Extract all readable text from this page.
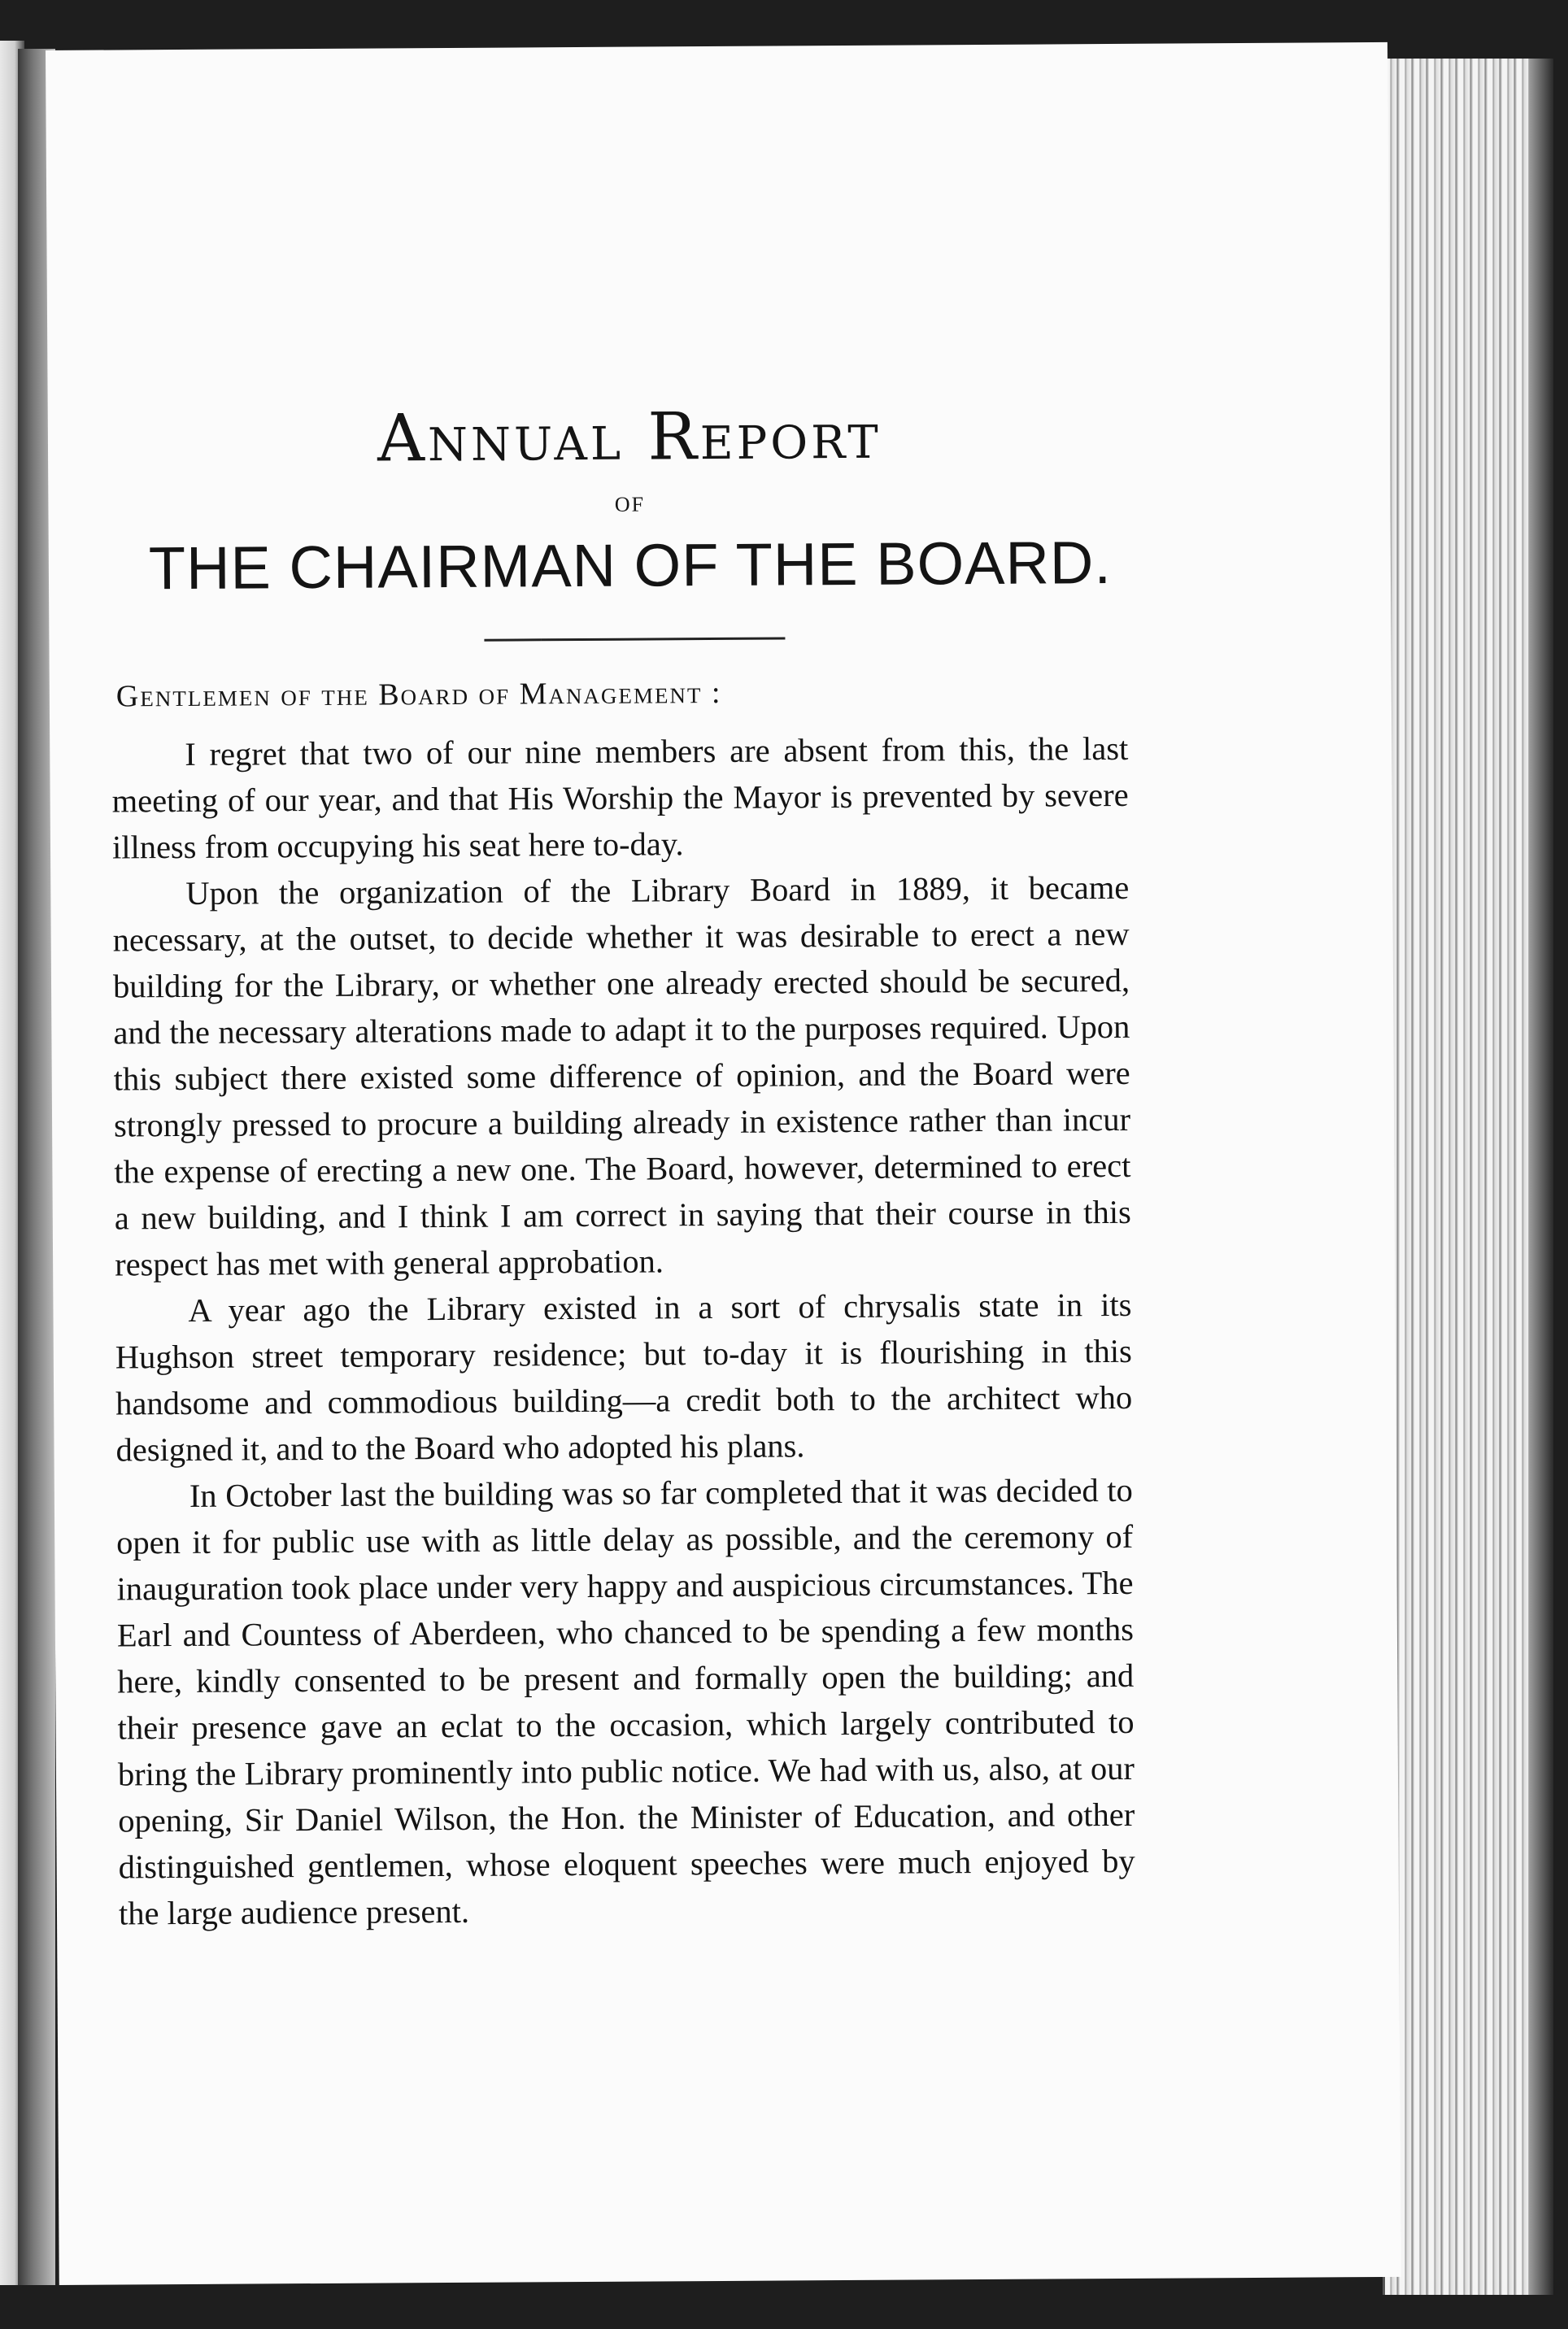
Annual Report
OF
THE CHAIRMAN OF THE BOARD.
Gentlemen of the Board of Management :

I regret that two of our nine members are absent from this, the last meeting of our year, and that His Worship the Mayor is prevented by severe illness from occupying his seat here to-day.

Upon the organization of the Library Board in 1889, it became necessary, at the outset, to decide whether it was desirable to erect a new building for the Library, or whether one already erected should be secured, and the necessary alterations made to adapt it to the purposes required. Upon this subject there existed some difference of opinion, and the Board were strongly pressed to procure a building already in existence rather than incur the expense of erecting a new one. The Board, however, determined to erect a new building, and I think I am correct in saying that their course in this respect has met with general approbation.

A year ago the Library existed in a sort of chrysalis state in its Hughson street temporary residence; but to-day it is flourishing in this handsome and commodious building—a credit both to the architect who designed it, and to the Board who adopted his plans.

In October last the building was so far completed that it was decided to open it for public use with as little delay as possible, and the ceremony of inauguration took place under very happy and auspicious circumstances. The Earl and Countess of Aberdeen, who chanced to be spending a few months here, kindly consented to be present and formally open the building; and their presence gave an eclat to the occasion, which largely contributed to bring the Library prominently into public notice. We had with us, also, at our opening, Sir Daniel Wilson, the Hon. the Minister of Education, and other distinguished gentlemen, whose eloquent speeches were much enjoyed by the large audience present.
